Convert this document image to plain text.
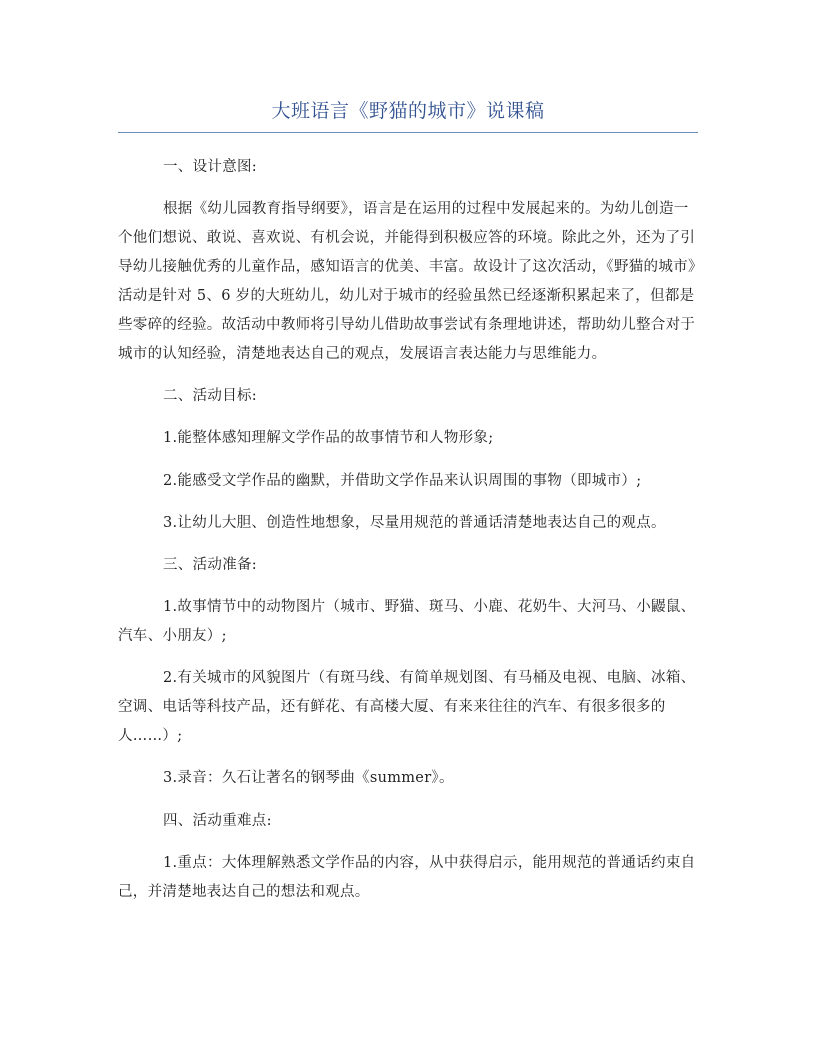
大班语言《野猫的城市》说课稿
一、设计意图:
根据《幼儿园教育指导纲要》，语言是在运用的过程中发展起来的。为幼儿创造一
个他们想说、敢说、喜欢说、有机会说，并能得到积极应答的环境。除此之外，还为了引
导幼儿接触优秀的儿童作品，感知语言的优美、丰富。故设计了这次活动，《野猫的城市》
活动是针对 5、6 岁的大班幼儿，幼儿对于城市的经验虽然已经逐渐积累起来了，但都是
些零碎的经验。故活动中教师将引导幼儿借助故事尝试有条理地讲述，帮助幼儿整合对于
城市的认知经验，清楚地表达自己的观点，发展语言表达能力与思维能力。
二、活动目标:
1.能整体感知理解文学作品的故事情节和人物形象;
2.能感受文学作品的幽默，并借助文学作品来认识周围的事物（即城市）;
3.让幼儿大胆、创造性地想象，尽量用规范的普通话清楚地表达自己的观点。
三、活动准备:
1.故事情节中的动物图片（城市、野猫、斑马、小鹿、花奶牛、大河马、小鼹鼠、
汽车、小朋友）;
2.有关城市的风貌图片（有斑马线、有简单规划图、有马桶及电视、电脑、冰箱、
空调、电话等科技产品，还有鲜花、有高楼大厦、有来来往往的汽车、有很多很多的
人……）;
3.录音：久石让著名的钢琴曲《summer》。
四、活动重难点:
1.重点：大体理解熟悉文学作品的内容，从中获得启示，能用规范的普通话约束自
己，并清楚地表达自己的想法和观点。
